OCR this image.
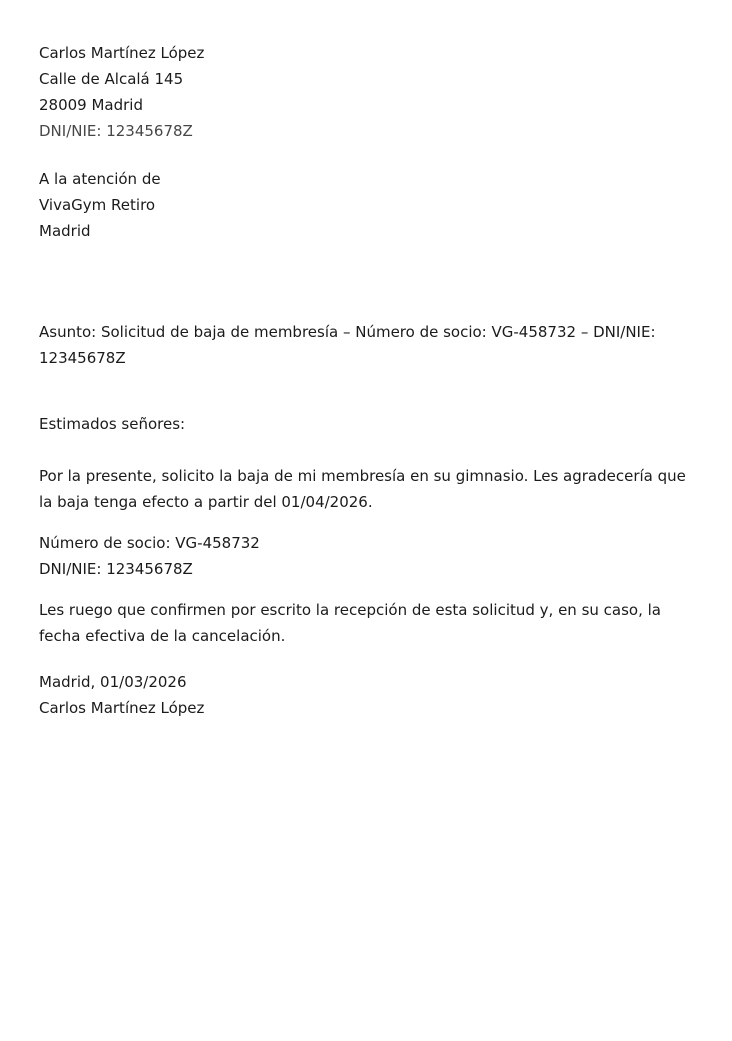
Carlos Martínez López
Calle de Alcalá 145
28009 Madrid
DNI/NIE: 12345678Z
A la atención de
VivaGym Retiro
Madrid
Asunto: Solicitud de baja de membresía – Número de socio: VG-458732 – DNI/NIE: 12345678Z
Estimados señores:
Por la presente, solicito la baja de mi membresía en su gimnasio. Les agradecería que la baja tenga efecto a partir del 01/04/2026.
Número de socio: VG-458732
DNI/NIE: 12345678Z
Les ruego que confirmen por escrito la recepción de esta solicitud y, en su caso, la fecha efectiva de la cancelación.
Madrid, 01/03/2026
Carlos Martínez López
